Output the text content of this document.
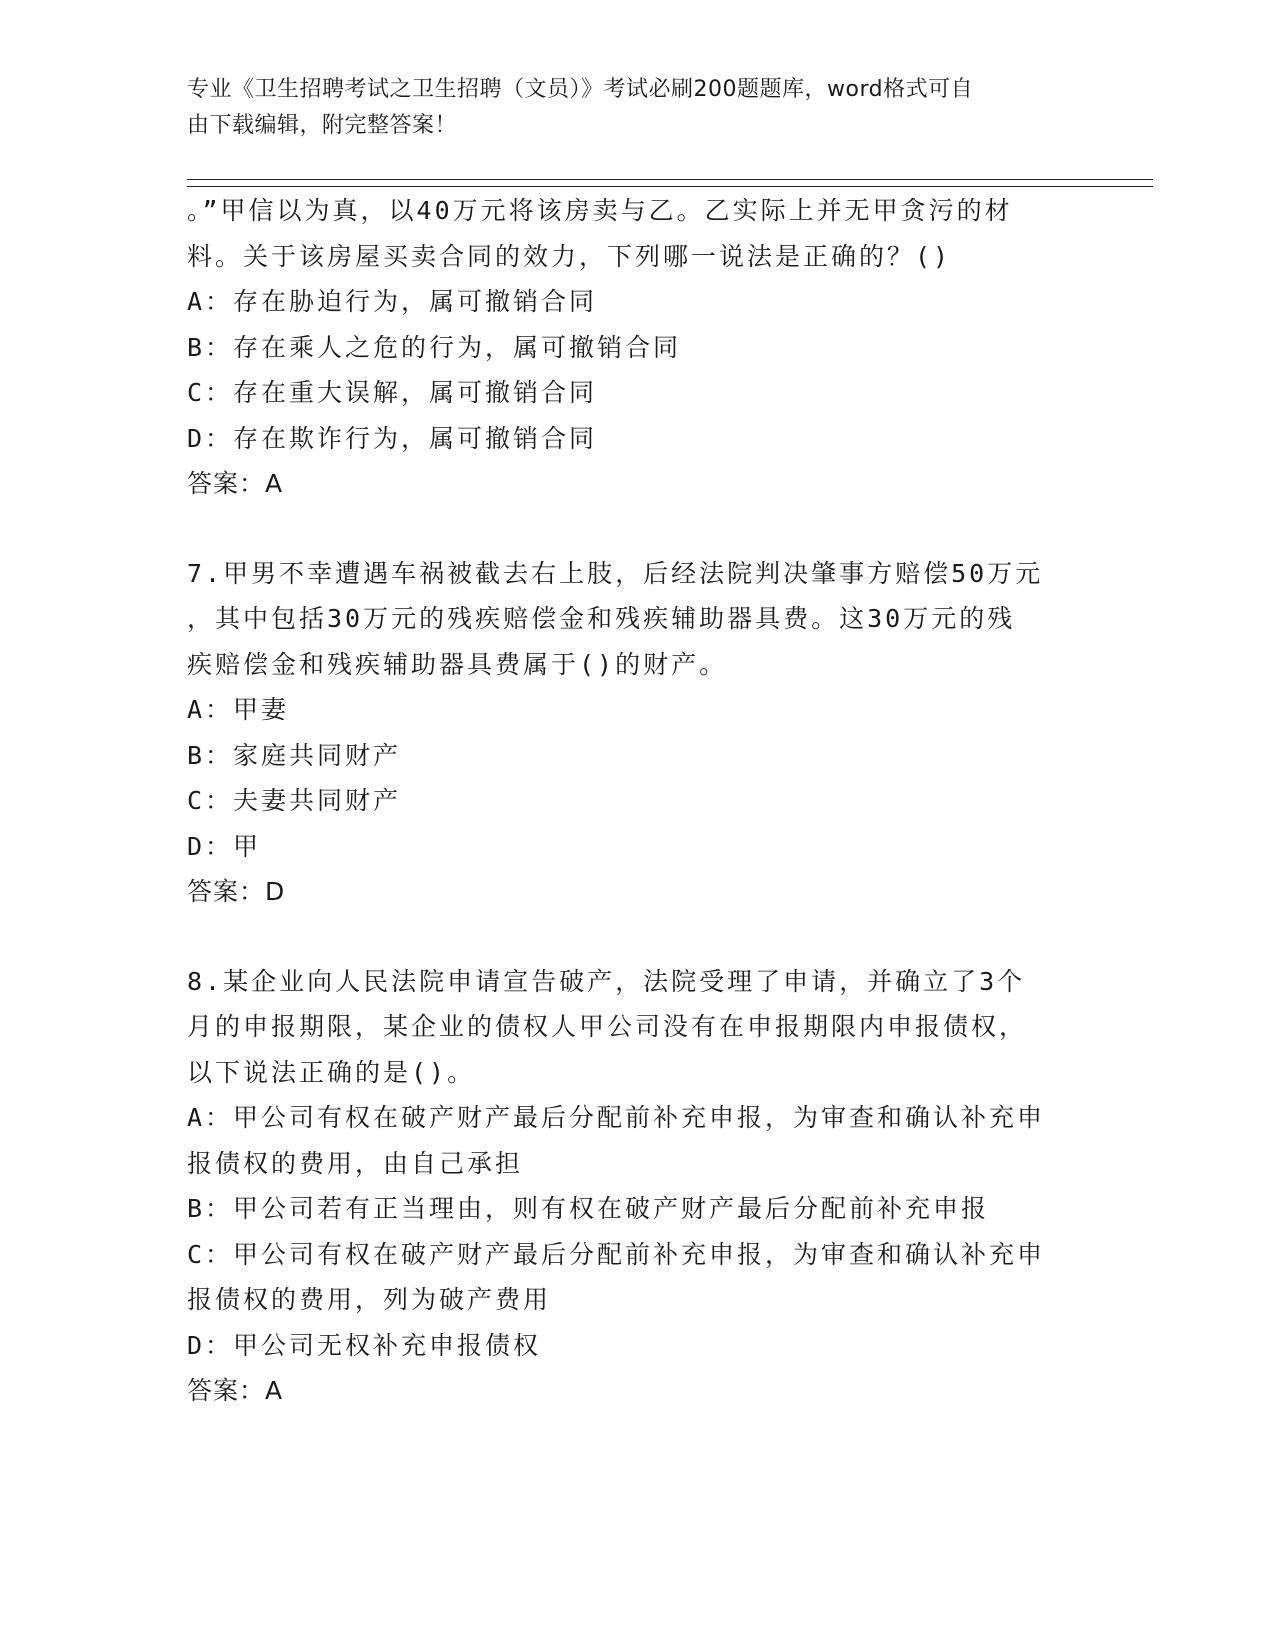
专业《卫生招聘考试之卫生招聘（文员）》考试必刷200题题库，word格式可自
由下载编辑，附完整答案！
。”甲信以为真，以40万元将该房卖与乙。乙实际上并无甲贪污的材
料。关于该房屋买卖合同的效力，下列哪一说法是正确的？()
A：存在胁迫行为，属可撤销合同
B：存在乘人之危的行为，属可撤销合同
C：存在重大误解，属可撤销合同
D：存在欺诈行为，属可撤销合同
答案：A
7.甲男不幸遭遇车祸被截去右上肢，后经法院判决肇事方赔偿50万元
，其中包括30万元的残疾赔偿金和残疾辅助器具费。这30万元的残
疾赔偿金和残疾辅助器具费属于()的财产。
A：甲妻
B：家庭共同财产
C：夫妻共同财产
D：甲
答案：D
8.某企业向人民法院申请宣告破产，法院受理了申请，并确立了3个
月的申报期限，某企业的债权人甲公司没有在申报期限内申报债权，
以下说法正确的是()。
A：甲公司有权在破产财产最后分配前补充申报，为审查和确认补充申
报债权的费用，由自己承担
B：甲公司若有正当理由，则有权在破产财产最后分配前补充申报
C：甲公司有权在破产财产最后分配前补充申报，为审查和确认补充申
报债权的费用，列为破产费用
D：甲公司无权补充申报债权
答案：A
